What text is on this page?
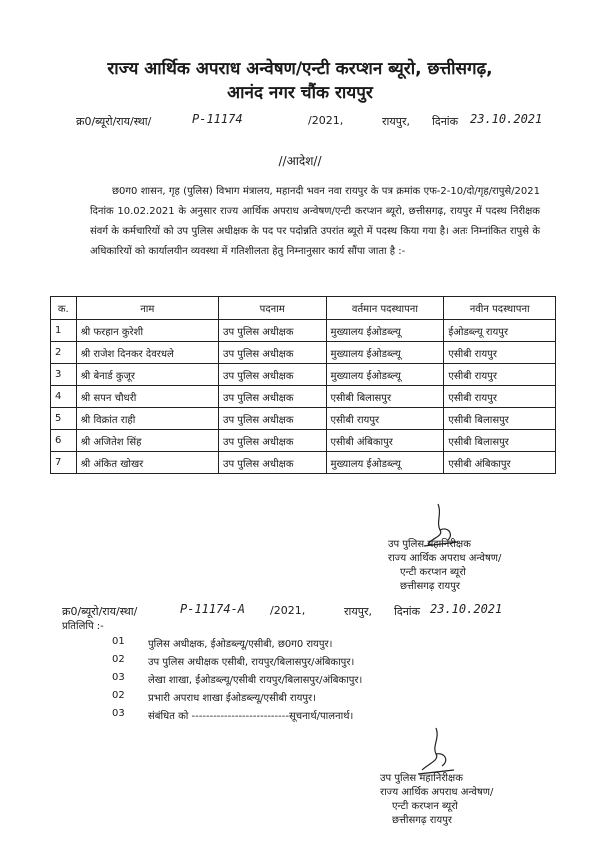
राज्य आर्थिक अपराध अन्वेषण/एन्टी करप्शन ब्यूरो, छत्तीसगढ़,
आनंद नगर चौंक रायपुर
क्र0/ब्यूरो/राय/स्था/	P-11174	/2021,	रायपुर, दिनांक 23.10.2021
//आदेश//

छ0ग0 शासन, गृह (पुलिस) विभाग मंत्रालय, महानदी भवन नवा रायपुर के पत्र क्रमांक एफ-2-10/दो/गृह/रापुसे/2021 दिनांक 10.02.2021 के अनुसार राज्य आर्थिक अपराध अन्वेषण/एन्टी करप्शन ब्यूरो, छत्तीसगढ़, रायपुर में पदस्थ निरीक्षक संवर्ग के कर्मचारियों को उप पुलिस अधीक्षक के पद पर पदोन्नति उपरांत ब्यूरो में पदस्थ किया गया है। अतः निम्नांकित रापुसे के अधिकारियों को कार्यालयीन व्यवस्था में गतिशीलता हेतु निम्नानुसार कार्य सौंपा जाता है :-

क.	नाम	पदनाम	वर्तमान पदस्थापना	नवीन पदस्थापना
1	श्री फरहान कुरेशी	उप पुलिस अधीक्षक	मुख्यालय ईओडब्ल्यू	ईओडब्ल्यू रायपुर
2	श्री राजेश दिनकर देवरधले	उप पुलिस अधीक्षक	मुख्यालय ईओडब्ल्यू	एसीबी रायपुर
3	श्री बेनार्ड कुजूर	उप पुलिस अधीक्षक	मुख्यालय ईओडब्ल्यू	एसीबी रायपुर
4	श्री सपन चौधरी	उप पुलिस अधीक्षक	एसीबी बिलासपुर	एसीबी रायपुर
5	श्री विक्रांत राही	उप पुलिस अधीक्षक	एसीबी रायपुर	एसीबी बिलासपुर
6	श्री अजितेश सिंह	उप पुलिस अधीक्षक	एसीबी अंबिकापुर	एसीबी बिलासपुर
7	श्री अंकित खोखर	उप पुलिस अधीक्षक	मुख्यालय ईओडब्ल्यू	एसीबी अंबिकापुर
उप पुलिस महानिरीक्षक
राज्य आर्थिक अपराध अन्वेषण/
एन्टी करप्शन ब्यूरो
छत्तीसगढ़ रायपुर
क्र0/ब्यूरो/राय/स्था/	P-11174-A /2021,	रायपुर, दिनांक 23.10.2021
प्रतिलिपि :-
01 पुलिस अधीक्षक, ईओडब्ल्यू/एसीबी, छ0ग0 रायपुर।
02 उप पुलिस अधीक्षक एसीबी, रायपुर/बिलासपुर/अंबिकापुर।
03 लेखा शाखा, ईओडब्ल्यू/एसीबी रायपुर/बिलासपुर/अंबिकापुर।
02 प्रभारी अपराध शाखा ईओडब्ल्यू/एसीबी रायपुर।
03 संबंधित को ---------------------------सूचनार्थ/पालनार्थ।
उप पुलिस महानिरीक्षक
राज्य आर्थिक अपराध अन्वेषण/
एन्टी करप्शन ब्यूरो
छत्तीसगढ़ रायपुर
